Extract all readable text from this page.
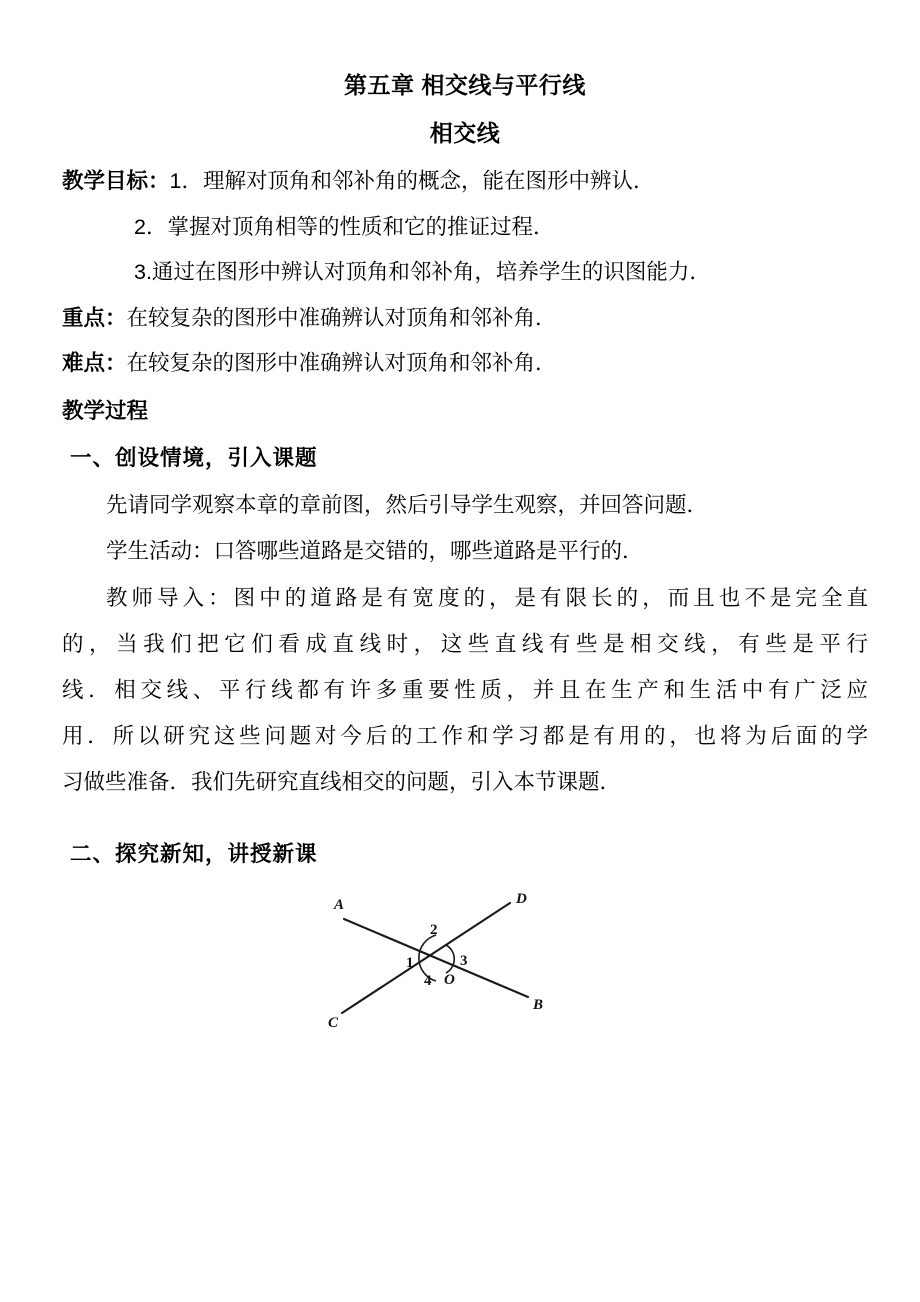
第五章 相交线与平行线
相交线
教学目标：1．理解对顶角和邻补角的概念，能在图形中辨认．
2．掌握对顶角相等的性质和它的推证过程．
3.通过在图形中辨认对顶角和邻补角，培养学生的识图能力．
重点：在较复杂的图形中准确辨认对顶角和邻补角．
难点：在较复杂的图形中准确辨认对顶角和邻补角．
教学过程
一、创设情境，引入课题
先请同学观察本章的章前图，然后引导学生观察，并回答问题．
学生活动：口答哪些道路是交错的，哪些道路是平行的．
教师导入：图中的道路是有宽度的，是有限长的，而且也不是完全直
的，当我们把它们看成直线时，这些直线有些是相交线，有些是平行
线．相交线、平行线都有许多重要性质，并且在生产和生活中有广泛应
用．所以研究这些问题对今后的工作和学习都是有用的，也将为后面的学
习做些准备．我们先研究直线相交的问题，引入本节课题．
二、探究新知，讲授新课
A	D
B
C
O
1
2
3
4
